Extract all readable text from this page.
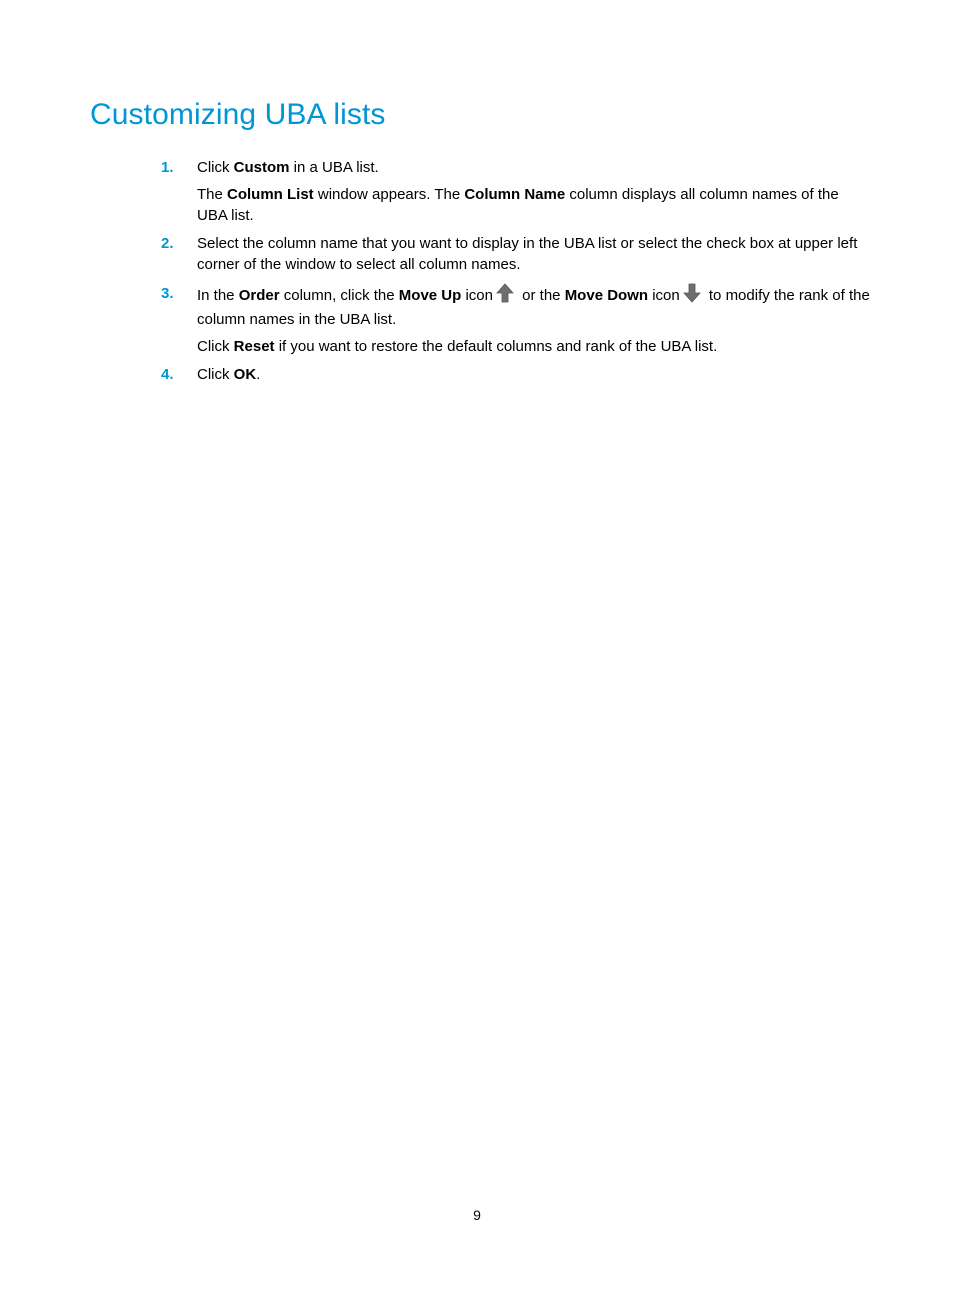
Customizing UBA lists
1. Click Custom in a UBA list.

The Column List window appears. The Column Name column displays all column names of the UBA list.

2. Select the column name that you want to display in the UBA list or select the check box at upper left corner of the window to select all column names.

3. In the Order column, click the Move Up icon or the Move Down icon to modify the rank of the column names in the UBA list.

Click Reset if you want to restore the default columns and rank of the UBA list.

4. Click OK.

9
